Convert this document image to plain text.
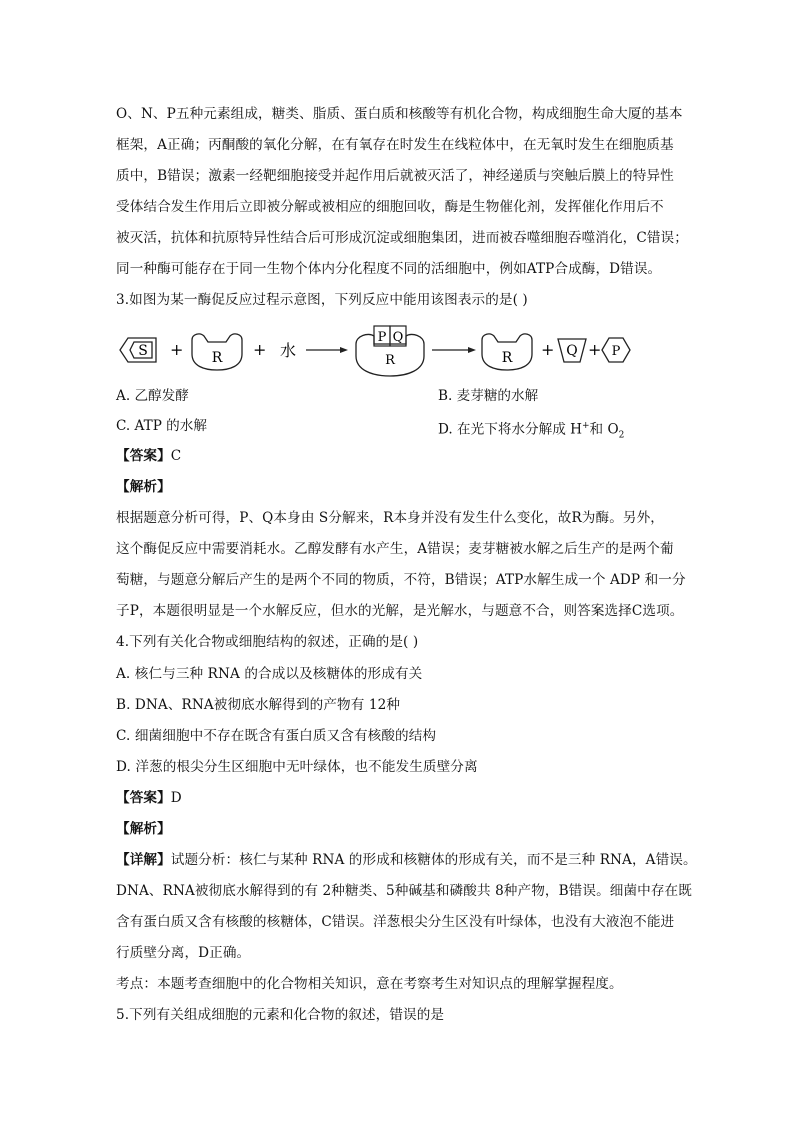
O、N、P五种元素组成，糖类、脂质、蛋白质和核酸等有机化合物，构成细胞生命大厦的基本
框架，A正确；丙酮酸的氧化分解，在有氧存在时发生在线粒体中，在无氧时发生在细胞质基
质中，B错误；激素一经靶细胞接受并起作用后就被灭活了，神经递质与突触后膜上的特异性
受体结合发生作用后立即被分解或被相应的细胞回收，酶是生物催化剂，发挥催化作用后不
被灭活，抗体和抗原特异性结合后可形成沉淀或细胞集团，进而被吞噬细胞吞噬消化，C错误；
同一种酶可能存在于同一生物个体内分化程度不同的活细胞中，例如ATP合成酶，D错误。
3.如图为某一酶促反应过程示意图，下列反应中能用该图表示的是( )
S + R + 水
P Q
R	R + Q + P
A. 乙醇发酵	B. 麦芽糖的水解
C. ATP 的水解	D. 在光下将水分解成 H+和 $O_2$
【答案】C
【解析】
根据题意分析可得，P、Q本身由 S分解来，R本身并没有发生什么变化，故R为酶。另外，
这个酶促反应中需要消耗水。乙醇发酵有水产生，A错误；麦芽糖被水解之后生产的是两个葡
萄糖，与题意分解后产生的是两个不同的物质，不符，B错误；ATP水解生成一个 ADP 和一分
子P，本题很明显是一个水解反应，但水的光解，是光解水，与题意不合，则答案选择C选项。
4.下列有关化合物或细胞结构的叙述，正确的是( )
A. 核仁与三种 RNA 的合成以及核糖体的形成有关
B. DNA、RNA被彻底水解得到的产物有 12种
C. 细菌细胞中不存在既含有蛋白质又含有核酸的结构
D. 洋葱的根尖分生区细胞中无叶绿体，也不能发生质壁分离
【答案】D
【解析】
【详解】试题分析：核仁与某种 RNA 的形成和核糖体的形成有关，而不是三种 RNA，A错误。
DNA、RNA被彻底水解得到的有 2种糖类、5种碱基和磷酸共 8种产物，B错误。细菌中存在既
含有蛋白质又含有核酸的核糖体，C错误。洋葱根尖分生区没有叶绿体，也没有大液泡不能进
行质壁分离，D正确。
考点：本题考查细胞中的化合物相关知识，意在考察考生对知识点的理解掌握程度。
5.下列有关组成细胞的元素和化合物的叙述，错误的是
